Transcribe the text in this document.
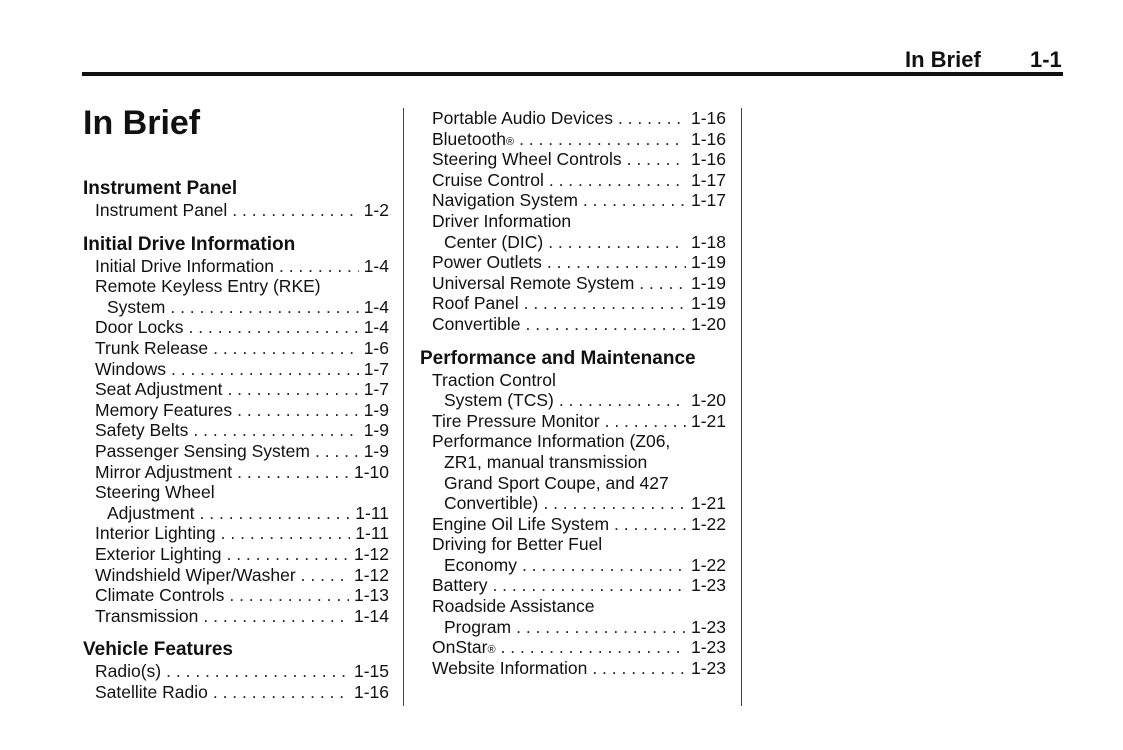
In Brief 1-1
In Brief
Instrument Panel
Instrument Panel . . .	1-2
Initial Drive Information
Initial Drive Information . . .	1-4
Remote Keyless Entry (RKE)
System . . .	1-4
Door Locks . . .	1-4
Trunk Release . . .	1-6
Windows . . .	1-7
Seat Adjustment . . .	1-7
Memory Features . . .	1-9
Safety Belts . . .	1-9
Passenger Sensing System . . .	1-9
Mirror Adjustment . . .	1-10
Steering Wheel
Adjustment . . .	1-11
Interior Lighting . . .	1-11
Exterior Lighting . . .	1-12
Windshield Wiper/Washer . . .	1-12
Climate Controls . . .	1-13
Transmission . . .	1-14
Vehicle Features
Radio(s) . . .	1-15
Satellite Radio . . .	1-16
Portable Audio Devices . . .	1-16
Bluetooth ® . . .	1-16
Steering Wheel Controls . . .	1-16
Cruise Control . . .	1-17
Navigation System . . .	1-17
Driver Information
Center (DIC) . . .	1-18
Power Outlets . . .	1-19
Universal Remote System . . .	1-19
Roof Panel . . .	1-19
Convertible . . .	1-20
Performance and Maintenance
Traction Control
System (TCS) . . .	1-20
Tire Pressure Monitor . . .	1-21
Performance Information (Z06,
ZR1, manual transmission
Grand Sport Coupe, and 427
Convertible) . . .	1-21
Engine Oil Life System . . .	1-22
Driving for Better Fuel
Economy . . .	1-22
Battery . . .	1-23
Roadside Assistance
Program . . .	1-23
OnStar ® . . .	1-23
Website Information . . .	1-23
